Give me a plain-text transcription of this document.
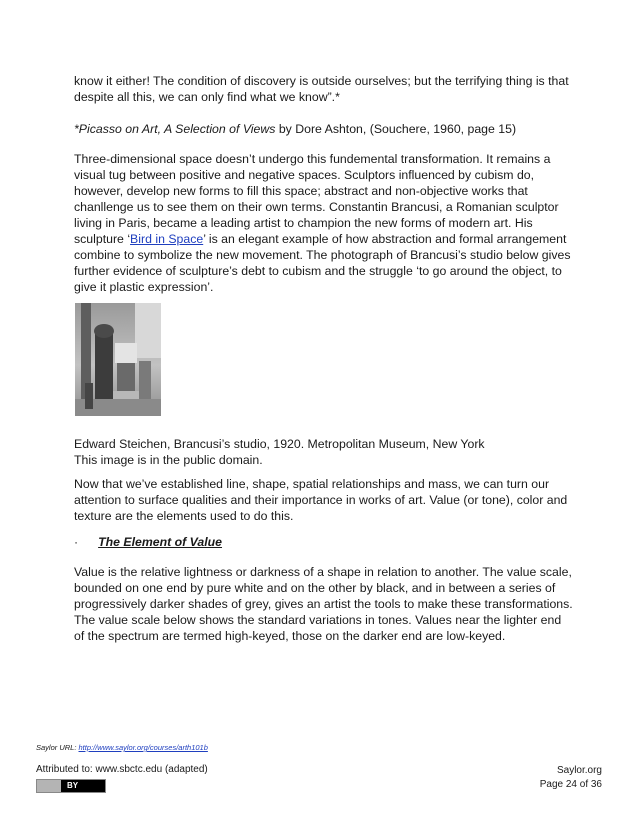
know it either! The condition of discovery is outside ourselves; but the terrifying thing is that despite all this, we can only find what we know”.*
*Picasso on Art, A Selection of Views by Dore Ashton, (Souchere, 1960, page 15)
Three-dimensional space doesn’t undergo this fundemental transformation. It remains a visual tug between positive and negative spaces. Sculptors influenced by cubism do, however, develop new forms to fill this space; abstract and non-objective works that chanllenge us to see them on their own terms. Constantin Brancusi, a Romanian sculptor living in Paris, became a leading artist to champion the new forms of modern art. His sculpture ‘Bird in Space’ is an elegant example of how abstraction and formal arrangement combine to symbolize the new movement. The photograph of Brancusi’s studio below gives further evidence of sculpture’s debt to cubism and the struggle ‘to go around the object, to give it plastic expression’.
Edward Steichen, Brancusi’s studio, 1920. Metropolitan Museum, New York
This image is in the public domain.
Now that we’ve established line, shape, spatial relationships and mass, we can turn our attention to surface qualities and their importance in works of art. Value (or tone), color and texture are the elements used to do this.
· The Element of Value
Value is the relative lightness or darkness of a shape in relation to another. The value scale, bounded on one end by pure white and on the other by black, and in between a series of progressively darker shades of grey, gives an artist the tools to make these transformations. The value scale below shows the standard variations in tones. Values near the lighter end of the spectrum are termed high-keyed, those on the darker end are low-keyed.
Saylor URL: http://www.saylor.org/courses/arth101b
Attributed to: www.sbctc.edu (adapted)
BY
Saylor.org
Page 24 of 36
